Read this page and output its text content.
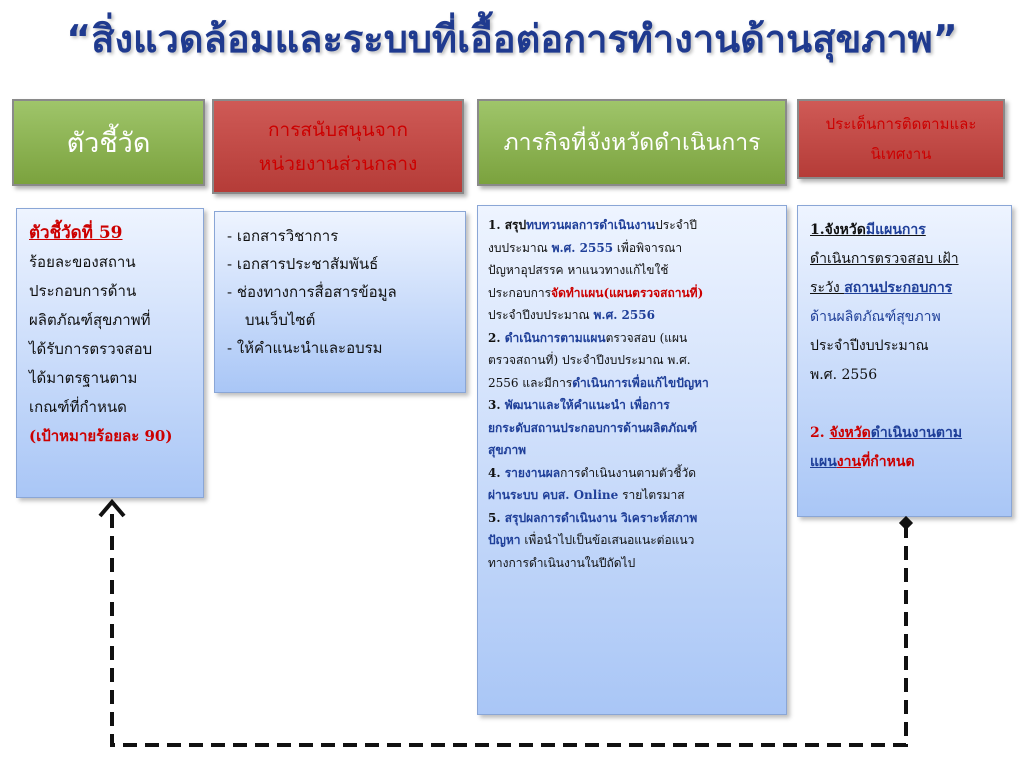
“สิ่งแวดล้อมและระบบที่เอื้อต่อการทำงานด้านสุขภาพ”
ตัวชี้วัด	การสนับสนุนจาก
หน่วยงานส่วนกลาง
ภารกิจที่จังหวัดดำเนินการ
ประเด็นการติดตามและ
นิเทศงาน
ตัวชี้วัดที่ 59
ร้อยละของสถาน
ประกอบการด้าน
ผลิตภัณฑ์สุขภาพที่
ได้รับการตรวจสอบ
ได้มาตรฐานตาม
เกณฑ์ที่กำหนด
(เป้าหมายร้อยละ 90)
- เอกสารวิชาการ
- เอกสารประชาสัมพันธ์
- ช่องทางการสื่อสารข้อมูล
บนเว็บไซต์
- ให้คำแนะนำและอบรม
1. สรุปทบทวนผลการดำเนินงานประจำปี
งบประมาณ พ.ศ. 2555 เพื่อพิจารณา
ปัญหาอุปสรรค หาแนวทางแก้ไขใช้
ประกอบการจัดทำแผน(แผนตรวจสถานที่)
ประจำปีงบประมาณ พ.ศ. 2556
2. ดำเนินการตามแผนตรวจสอบ (แผน
ตรวจสถานที่) ประจำปีงบประมาณ พ.ศ.
2556 และมีการดำเนินการเพื่อแก้ไขปัญหา
3. พัฒนาและให้คำแนะนำ เพื่อการ
ยกระดับสถานประกอบการด้านผลิตภัณฑ์
สุขภาพ
4. รายงานผลการดำเนินงานตามตัวชี้วัด
ผ่านระบบ คบส. Online รายไตรมาส
5. สรุปผลการดำเนินงาน วิเคราะห์สภาพ
ปัญหา เพื่อนำไปเป็นข้อเสนอแนะต่อแนว
ทางการดำเนินงานในปีถัดไป
1.จังหวัดมีแผนการ
ดำเนินการตรวจสอบ เฝ้า
ระวัง สถานประกอบการ
ด้านผลิตภัณฑ์สุขภาพ
ประจำปีงบประมาณ
พ.ศ. 2556

2. จังหวัดดำเนินงานตาม
แผนงานที่กำหนด
